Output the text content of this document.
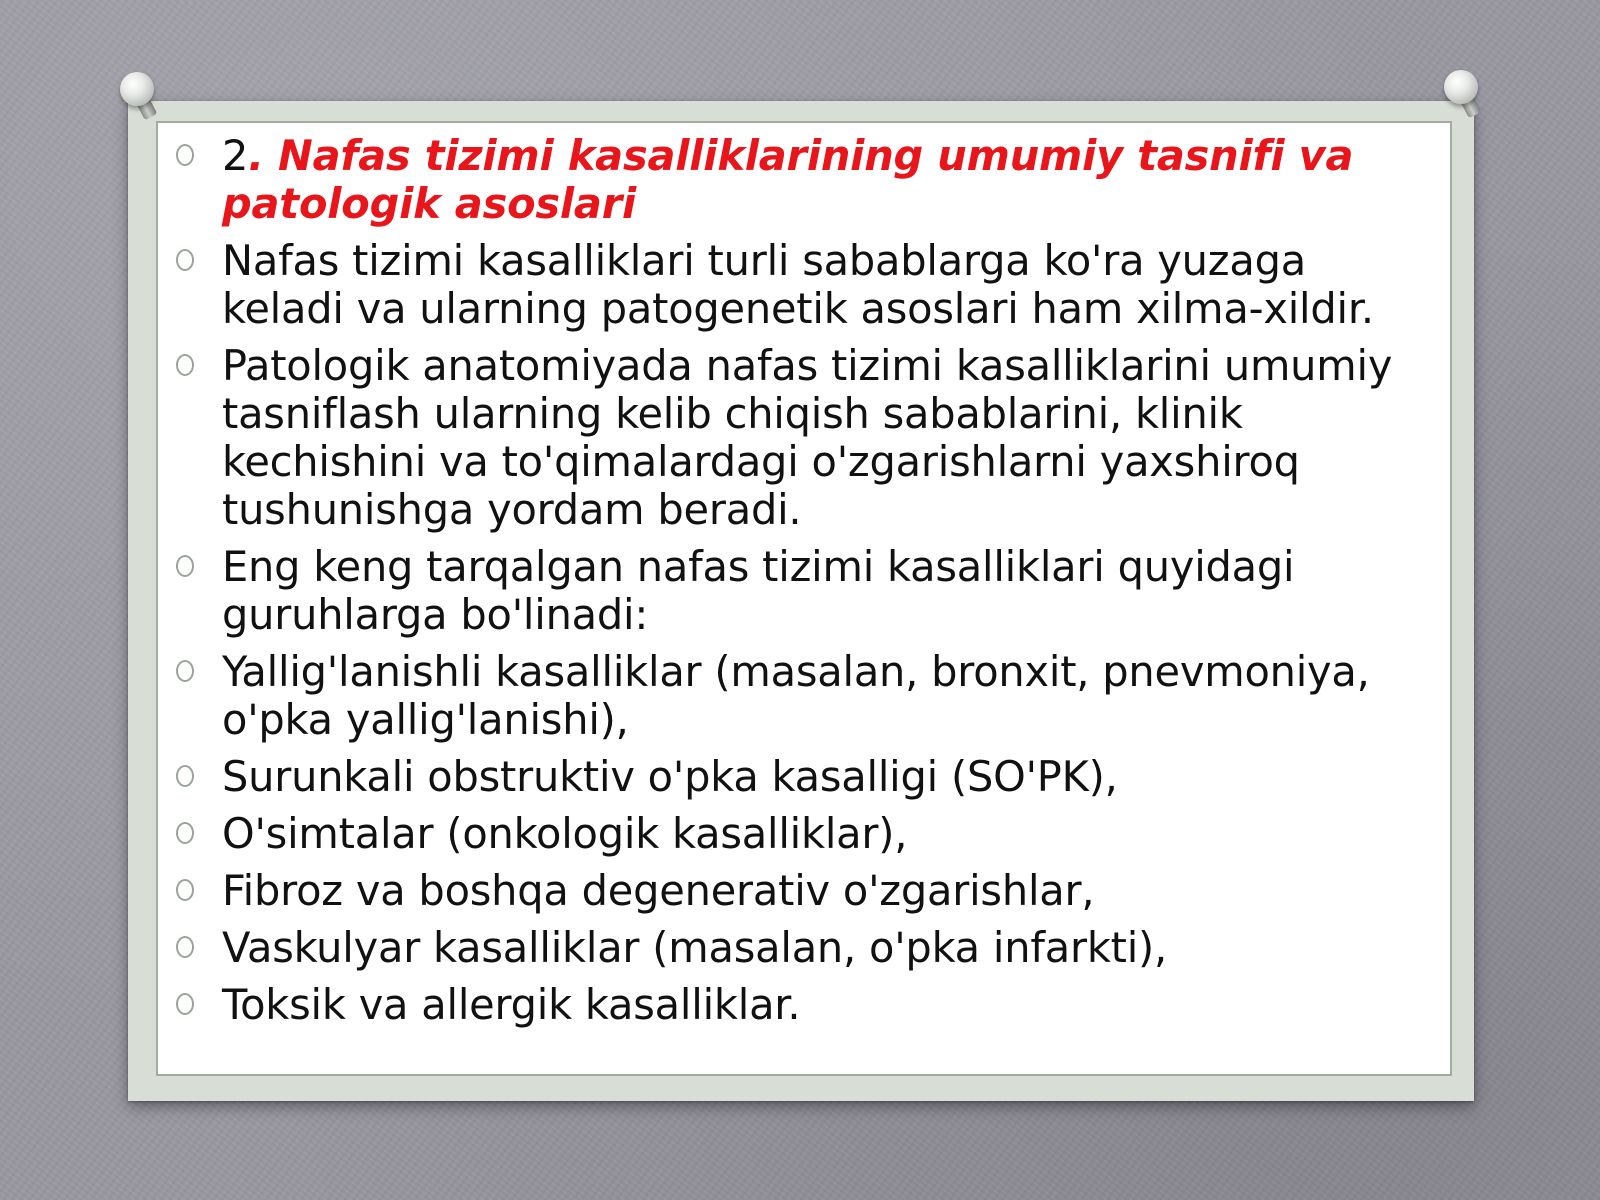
2. Nafas tizimi kasalliklarining umumiy tasnifi va patologik asoslari
Nafas tizimi kasalliklari turli sabablarga ko'ra yuzaga keladi va ularning patogenetik asoslari ham xilma-xildir.
Patologik anatomiyada nafas tizimi kasalliklarini umumiy tasniflash ularning kelib chiqish sabablarini, klinik kechishini va to'qimalardagi o'zgarishlarni yaxshiroq tushunishga yordam beradi.
Eng keng tarqalgan nafas tizimi kasalliklari quyidagi guruhlarga bo'linadi:
Yallig'lanishli kasalliklar (masalan, bronxit, pnevmoniya, o'pka yallig'lanishi),
Surunkali obstruktiv o'pka kasalligi (SO'PK),
O'simtalar (onkologik kasalliklar),
Fibroz va boshqa degenerativ o'zgarishlar,
Vaskulyar kasalliklar (masalan, o'pka infarkti),
Toksik va allergik kasalliklar.
